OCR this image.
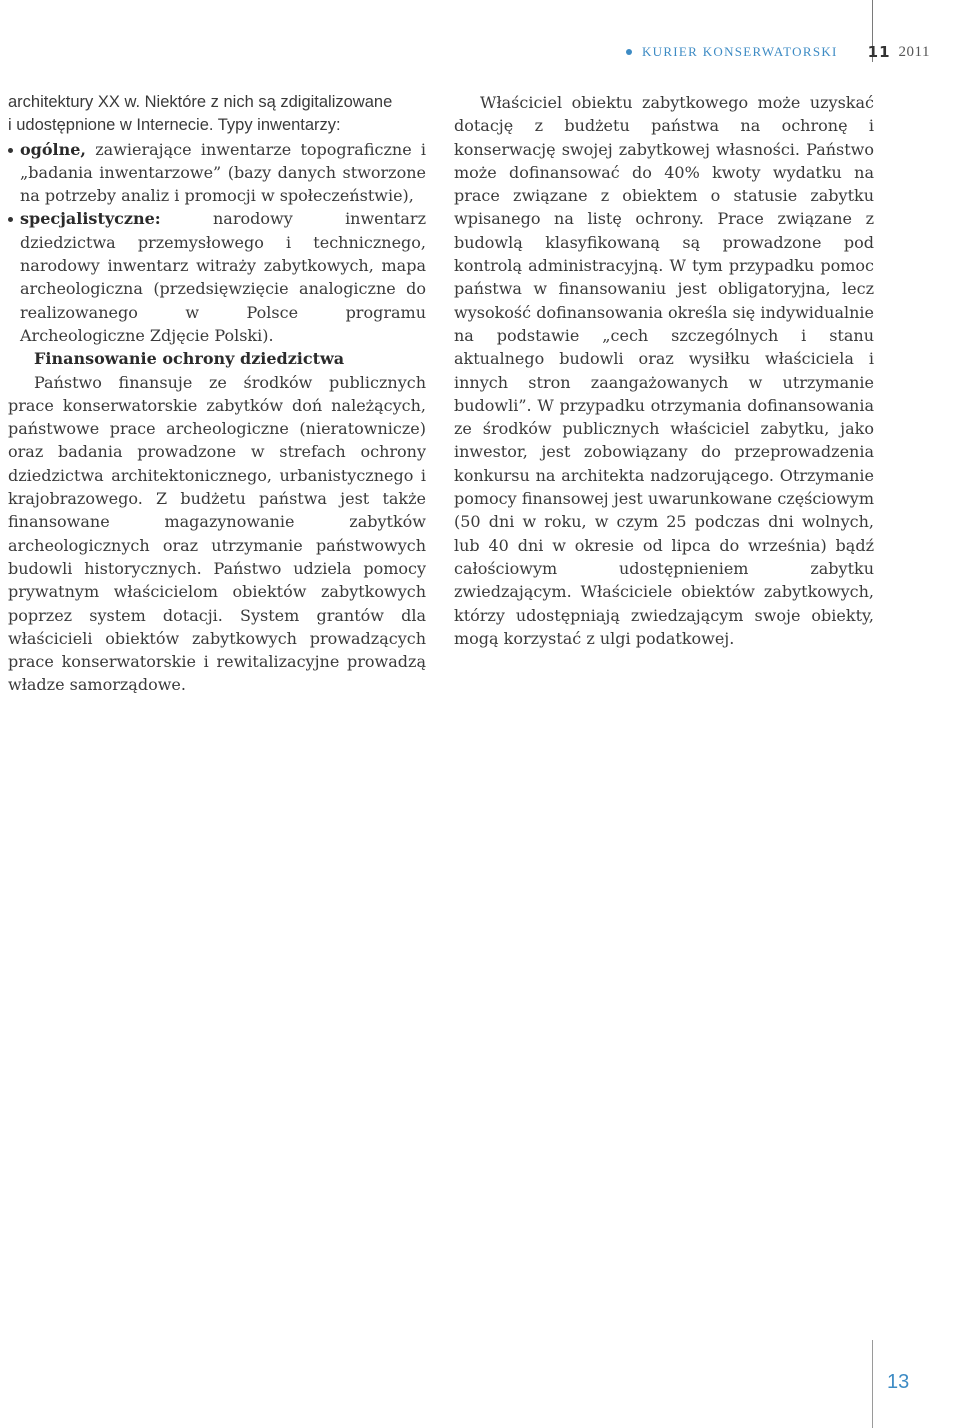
KURIER KONSERWATORSKI 11 2011

architektury XX w. Niektóre z nich są zdigitalizowane

i udostępnione w Internecie. Typy inwentarzy:

ogólne, zawierające inwentarze topograficzne i „badania inwentarzowe” (bazy danych stworzone na potrzeby analiz i promocji w społeczeństwie),
specjalistyczne: narodowy inwentarz dziedzictwa przemysłowego i technicznego, narodowy inwentarz witraży zabytkowych, mapa archeologiczna (przedsięwzięcie analogiczne do realizowanego w Polsce programu Archeologiczne Zdjęcie Polski).
Finansowanie ochrony dziedzictwa

Państwo finansuje ze środków publicznych prace konserwatorskie zabytków doń należących, państwowe prace archeologiczne (nieratownicze) oraz badania prowadzone w strefach ochrony dziedzictwa architektonicznego, urbanistycznego i krajobrazowego. Z budżetu państwa jest także finansowane magazynowanie zabytków archeologicznych oraz utrzymanie państwowych budowli historycznych. Państwo udziela pomocy prywatnym właścicielom obiektów zabytkowych poprzez system dotacji. System grantów dla właścicieli obiektów zabytkowych prowadzących prace konserwatorskie i rewitalizacyjne prowadzą władze samorządowe.

Właściciel obiektu zabytkowego może uzyskać dotację z budżetu państwa na ochronę i konserwację swojej zabytkowej własności. Państwo może dofinansować do 40% kwoty wydatku na prace związane z obiektem o statusie zabytku wpisanego na listę ochrony. Prace związane z budowlą klasyfikowaną są prowadzone pod kontrolą administracyjną. W tym przypadku pomoc państwa w finansowaniu jest obligatoryjna, lecz wysokość dofinansowania określa się indywidualnie na podstawie „cech szczególnych i stanu aktualnego budowli oraz wysiłku właściciela i innych stron zaangażowanych w utrzymanie budowli”. W przypadku otrzymania dofinansowania ze środków publicznych właściciel zabytku, jako inwestor, jest zobowiązany do przeprowadzenia konkursu na architekta nadzorującego. Otrzymanie pomocy finansowej jest uwarunkowane częściowym (50 dni w roku, w czym 25 podczas dni wolnych, lub 40 dni w okresie od lipca do września) bądź całościowym udostępnieniem zabytku zwiedzającym. Właściciele obiektów zabytkowych, którzy udostępniają zwiedzającym swoje obiekty, mogą korzystać z ulgi podatkowej.

13
